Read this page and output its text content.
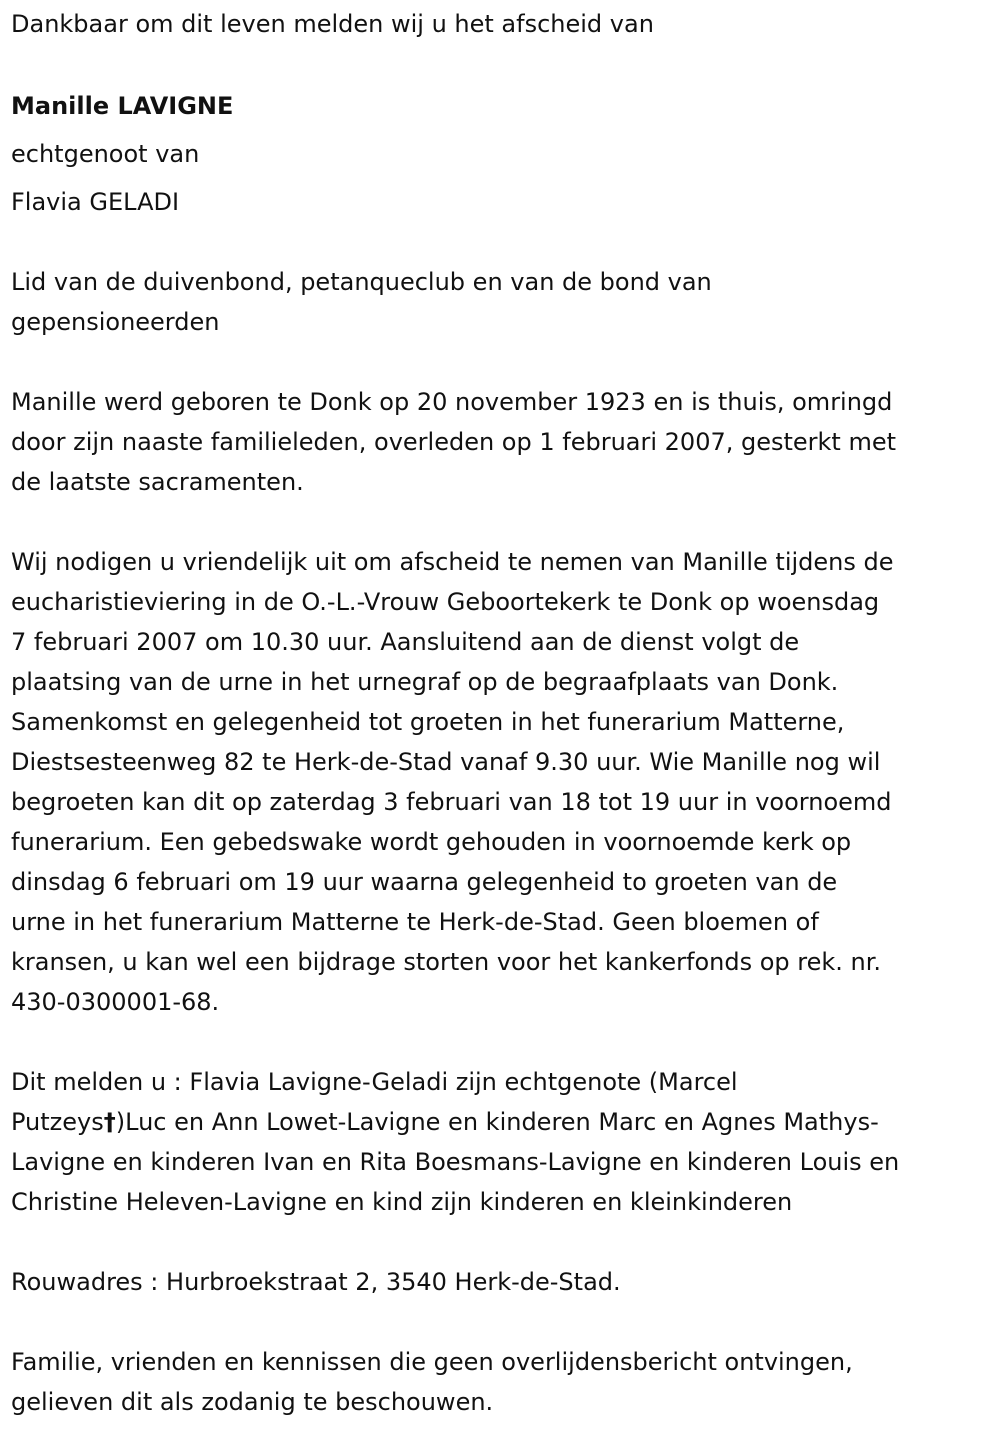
Dankbaar om dit leven melden wij u het afscheid van
Manille LAVIGNE
echtgenoot van
Flavia GELADI
Lid van de duivenbond, petanqueclub en van de bond van
gepensioneerden
Manille werd geboren te Donk op 20 november 1923 en is thuis, omringd
door zijn naaste familieleden, overleden op 1 februari 2007, gesterkt met
de laatste sacramenten.
Wij nodigen u vriendelijk uit om afscheid te nemen van Manille tijdens de
eucharistieviering in de O.-L.-Vrouw Geboortekerk te Donk op woensdag
7 februari 2007 om 10.30 uur. Aansluitend aan de dienst volgt de
plaatsing van de urne in het urnegraf op de begraafplaats van Donk.
Samenkomst en gelegenheid tot groeten in het funerarium Matterne,
Diestsesteenweg 82 te Herk-de-Stad vanaf 9.30 uur. Wie Manille nog wil
begroeten kan dit op zaterdag 3 februari van 18 tot 19 uur in voornoemd
funerarium. Een gebedswake wordt gehouden in voornoemde kerk op
dinsdag 6 februari om 19 uur waarna gelegenheid to groeten van de
urne in het funerarium Matterne te Herk-de-Stad. Geen bloemen of
kransen, u kan wel een bijdrage storten voor het kankerfonds op rek. nr.
430-0300001-68.
Dit melden u : Flavia Lavigne-Geladi zijn echtgenote (Marcel
Putzeys†)Luc en Ann Lowet-Lavigne en kinderen Marc en Agnes Mathys-
Lavigne en kinderen Ivan en Rita Boesmans-Lavigne en kinderen Louis en
Christine Heleven-Lavigne en kind zijn kinderen en kleinkinderen
Rouwadres : Hurbroekstraat 2, 3540 Herk-de-Stad.
Familie, vrienden en kennissen die geen overlijdensbericht ontvingen,
gelieven dit als zodanig te beschouwen.
